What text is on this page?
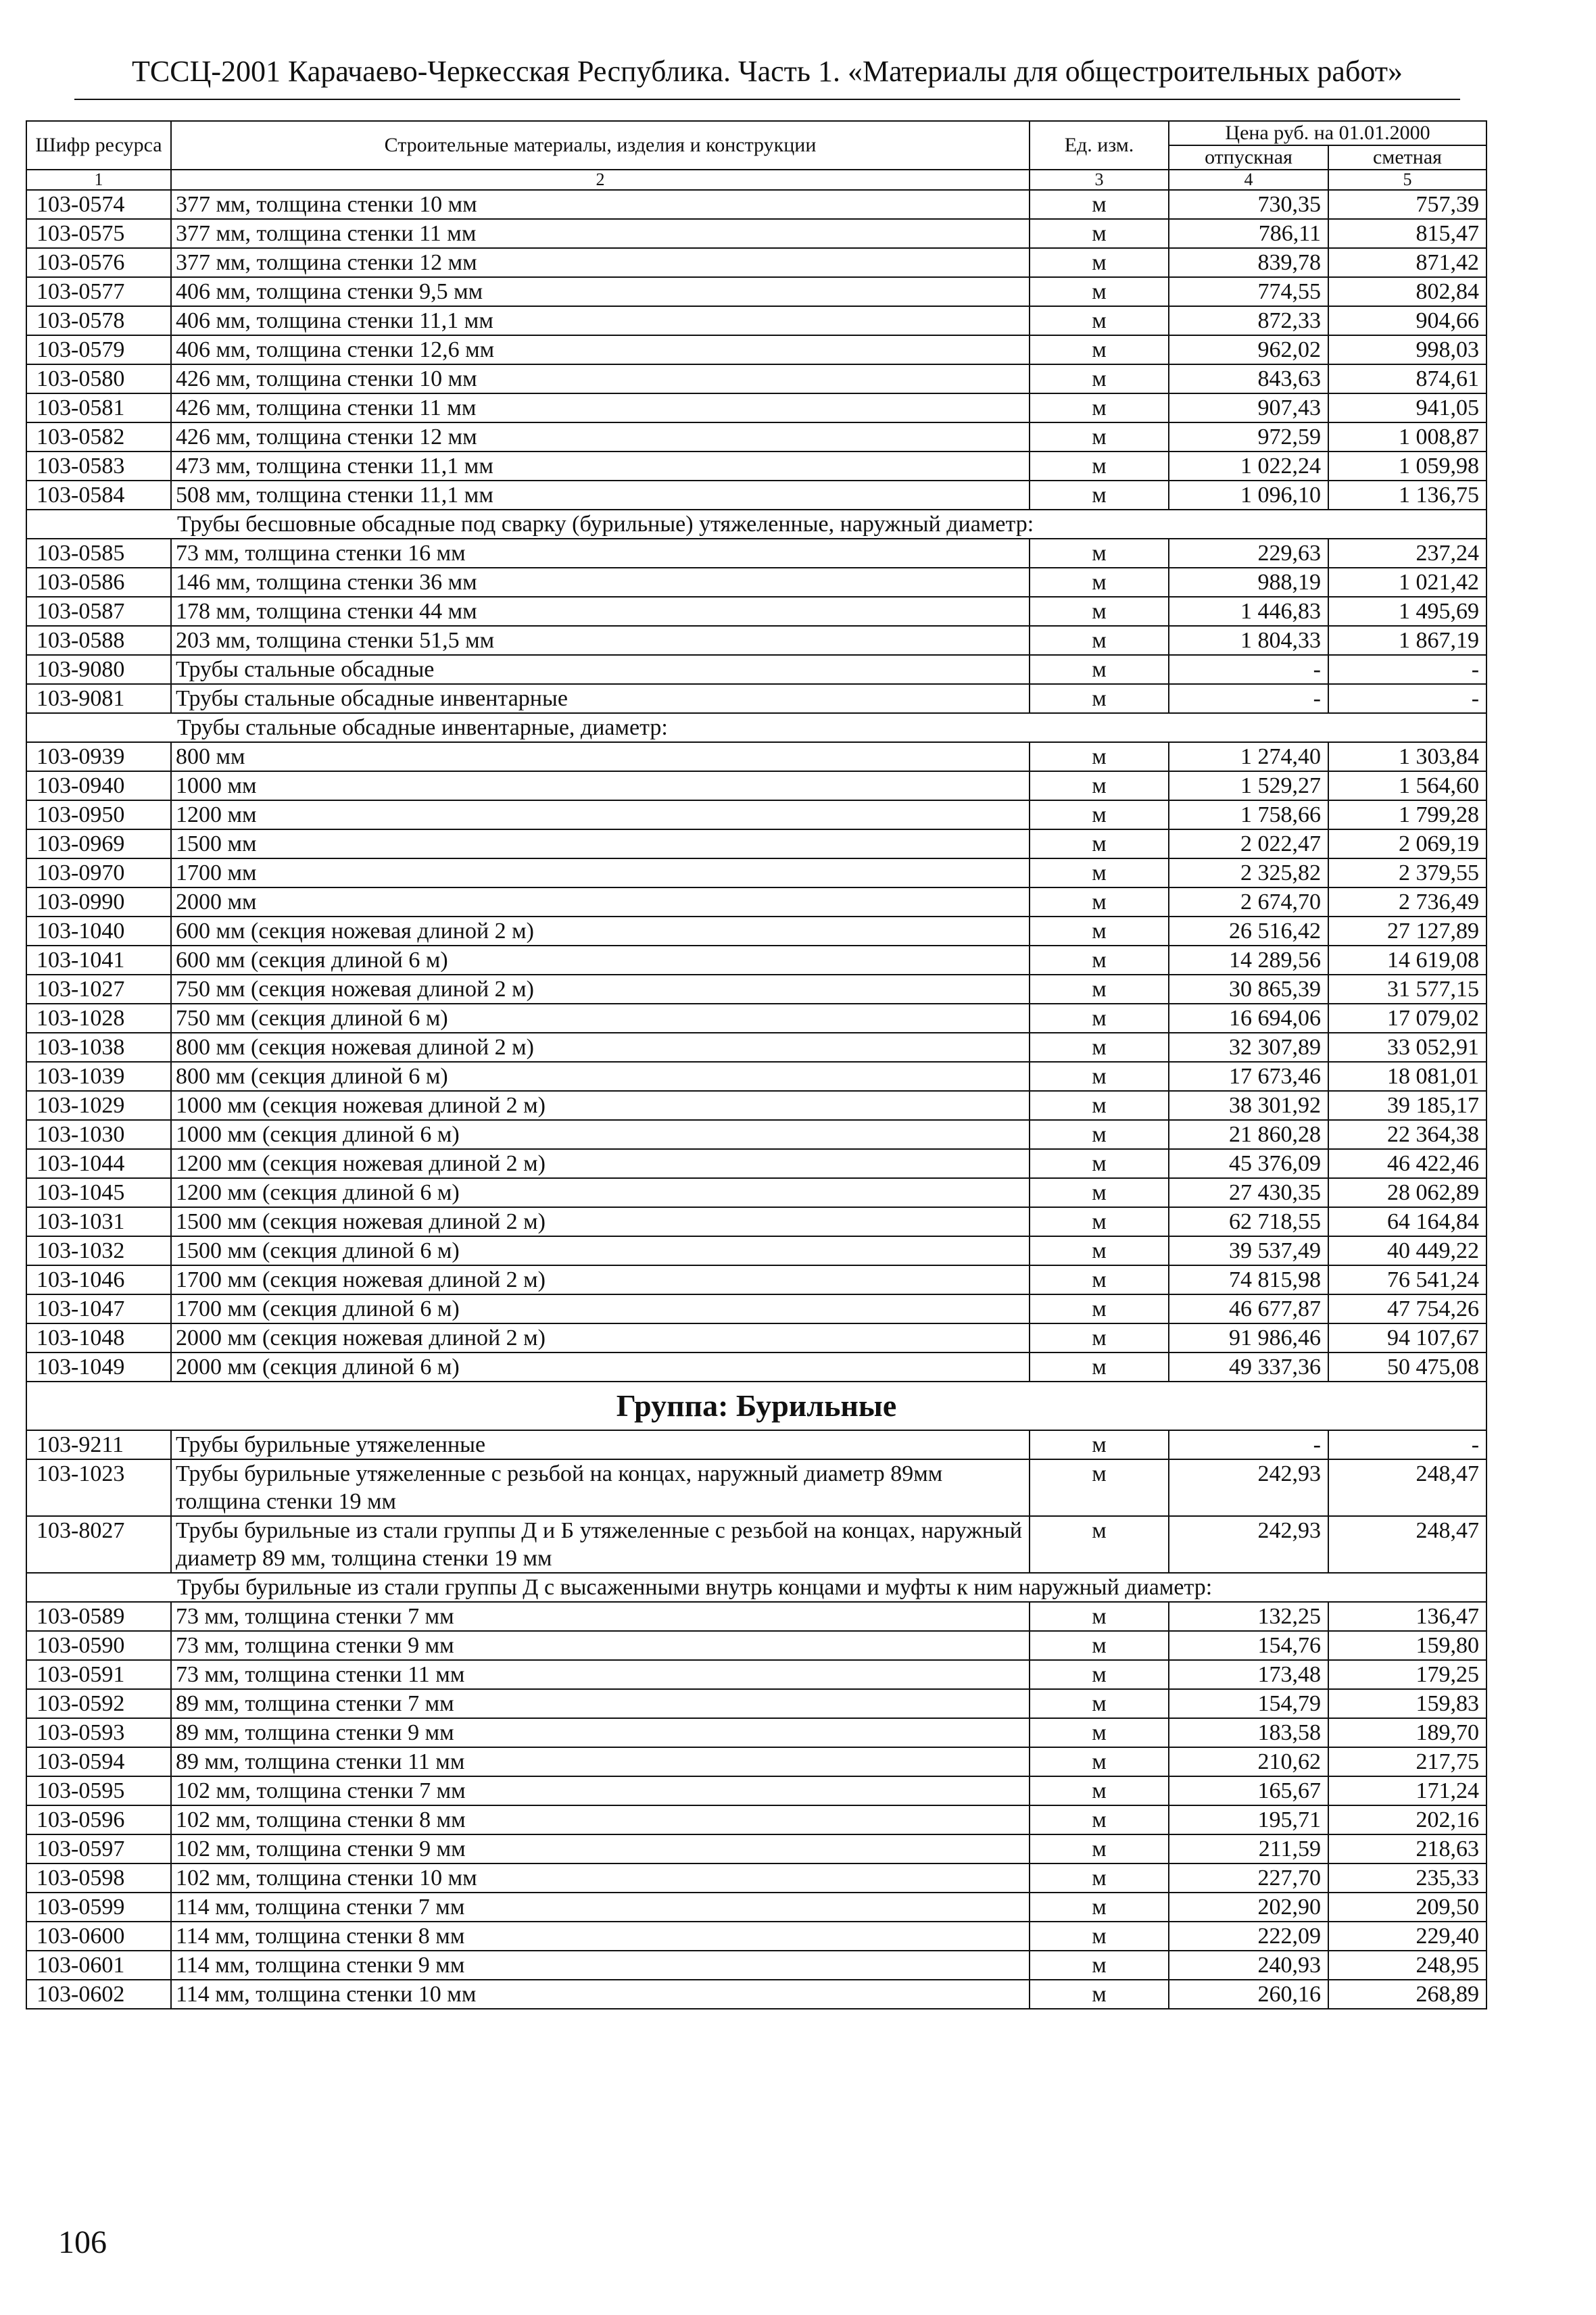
ТССЦ-2001 Карачаево-Черкесская Республика. Часть 1. «Материалы для общестроительных работ»
Шифр ресурса	Строительные материалы, изделия и конструкции	Ед. изм.	Цена руб. на 01.01.2000	
			отпускная	сметная
1	2	3	4	5
103-0574	377 мм, толщина стенки 10 мм	м	730,35	757,39
103-0575	377 мм, толщина стенки 11 мм	м	786,11	815,47
103-0576	377 мм, толщина стенки 12 мм	м	839,78	871,42
103-0577	406 мм, толщина стенки 9,5 мм	м	774,55	802,84
103-0578	406 мм, толщина стенки 11,1 мм	м	872,33	904,66
103-0579	406 мм, толщина стенки 12,6 мм	м	962,02	998,03
103-0580	426 мм, толщина стенки 10 мм	м	843,63	874,61
103-0581	426 мм, толщина стенки 11 мм	м	907,43	941,05
103-0582	426 мм, толщина стенки 12 мм	м	972,59	1 008,87
103-0583	473 мм, толщина стенки 11,1 мм	м	1 022,24	1 059,98
103-0584	508 мм, толщина стенки 11,1 мм	м	1 096,10	1 136,75
Трубы бесшовные обсадные под сварку (бурильные) утяжеленные, наружный диаметр:				
103-0585	73 мм, толщина стенки 16 мм	м	229,63	237,24
103-0586	146 мм, толщина стенки 36 мм	м	988,19	1 021,42
103-0587	178 мм, толщина стенки 44 мм	м	1 446,83	1 495,69
103-0588	203 мм, толщина стенки 51,5 мм	м	1 804,33	1 867,19
103-9080	Трубы стальные обсадные	м	-	-
103-9081	Трубы стальные обсадные инвентарные	м	-	-
Трубы стальные обсадные инвентарные, диаметр:				
103-0939	800 мм	м	1 274,40	1 303,84
103-0940	1000 мм	м	1 529,27	1 564,60
103-0950	1200 мм	м	1 758,66	1 799,28
103-0969	1500 мм	м	2 022,47	2 069,19
103-0970	1700 мм	м	2 325,82	2 379,55
103-0990	2000 мм	м	2 674,70	2 736,49
103-1040	600 мм (секция ножевая длиной 2 м)	м	26 516,42	27 127,89
103-1041	600 мм (секция длиной 6 м)	м	14 289,56	14 619,08
103-1027	750 мм (секция ножевая длиной 2 м)	м	30 865,39	31 577,15
103-1028	750 мм (секция длиной 6 м)	м	16 694,06	17 079,02
103-1038	800 мм (секция ножевая длиной 2 м)	м	32 307,89	33 052,91
103-1039	800 мм (секция длиной 6 м)	м	17 673,46	18 081,01
103-1029	1000 мм (секция ножевая длиной 2 м)	м	38 301,92	39 185,17
103-1030	1000 мм (секция длиной 6 м)	м	21 860,28	22 364,38
103-1044	1200 мм (секция ножевая длиной 2 м)	м	45 376,09	46 422,46
103-1045	1200 мм (секция длиной 6 м)	м	27 430,35	28 062,89
103-1031	1500 мм (секция ножевая длиной 2 м)	м	62 718,55	64 164,84
103-1032	1500 мм (секция длиной 6 м)	м	39 537,49	40 449,22
103-1046	1700 мм (секция ножевая длиной 2 м)	м	74 815,98	76 541,24
103-1047	1700 мм (секция длиной 6 м)	м	46 677,87	47 754,26
103-1048	2000 мм (секция ножевая длиной 2 м)	м	91 986,46	94 107,67
103-1049	2000 мм (секция длиной 6 м)	м	49 337,36	50 475,08
Группа: Бурильные				
103-9211	Трубы бурильные утяжеленные	м	-	-
103-1023	Трубы бурильные утяжеленные с резьбой на концах, наружный диаметр 89мм толщина стенки 19 мм	м	242,93	248,47
103-8027	Трубы бурильные из стали группы Д и Б утяжеленные с резьбой на концах, наружный диаметр 89 мм, толщина стенки 19 мм	м	242,93	248,47
Трубы бурильные из стали группы Д с высаженными внутрь концами и муфты к ним наружный диаметр:				
103-0589	73 мм, толщина стенки 7 мм	м	132,25	136,47
103-0590	73 мм, толщина стенки 9 мм	м	154,76	159,80
103-0591	73 мм, толщина стенки 11 мм	м	173,48	179,25
103-0592	89 мм, толщина стенки 7 мм	м	154,79	159,83
103-0593	89 мм, толщина стенки 9 мм	м	183,58	189,70
103-0594	89 мм, толщина стенки 11 мм	м	210,62	217,75
103-0595	102 мм, толщина стенки 7 мм	м	165,67	171,24
103-0596	102 мм, толщина стенки 8 мм	м	195,71	202,16
103-0597	102 мм, толщина стенки 9 мм	м	211,59	218,63
103-0598	102 мм, толщина стенки 10 мм	м	227,70	235,33
103-0599	114 мм, толщина стенки 7 мм	м	202,90	209,50
103-0600	114 мм, толщина стенки 8 мм	м	222,09	229,40
103-0601	114 мм, толщина стенки 9 мм	м	240,93	248,95
103-0602	114 мм, толщина стенки 10 мм	м	260,16	268,89
106
